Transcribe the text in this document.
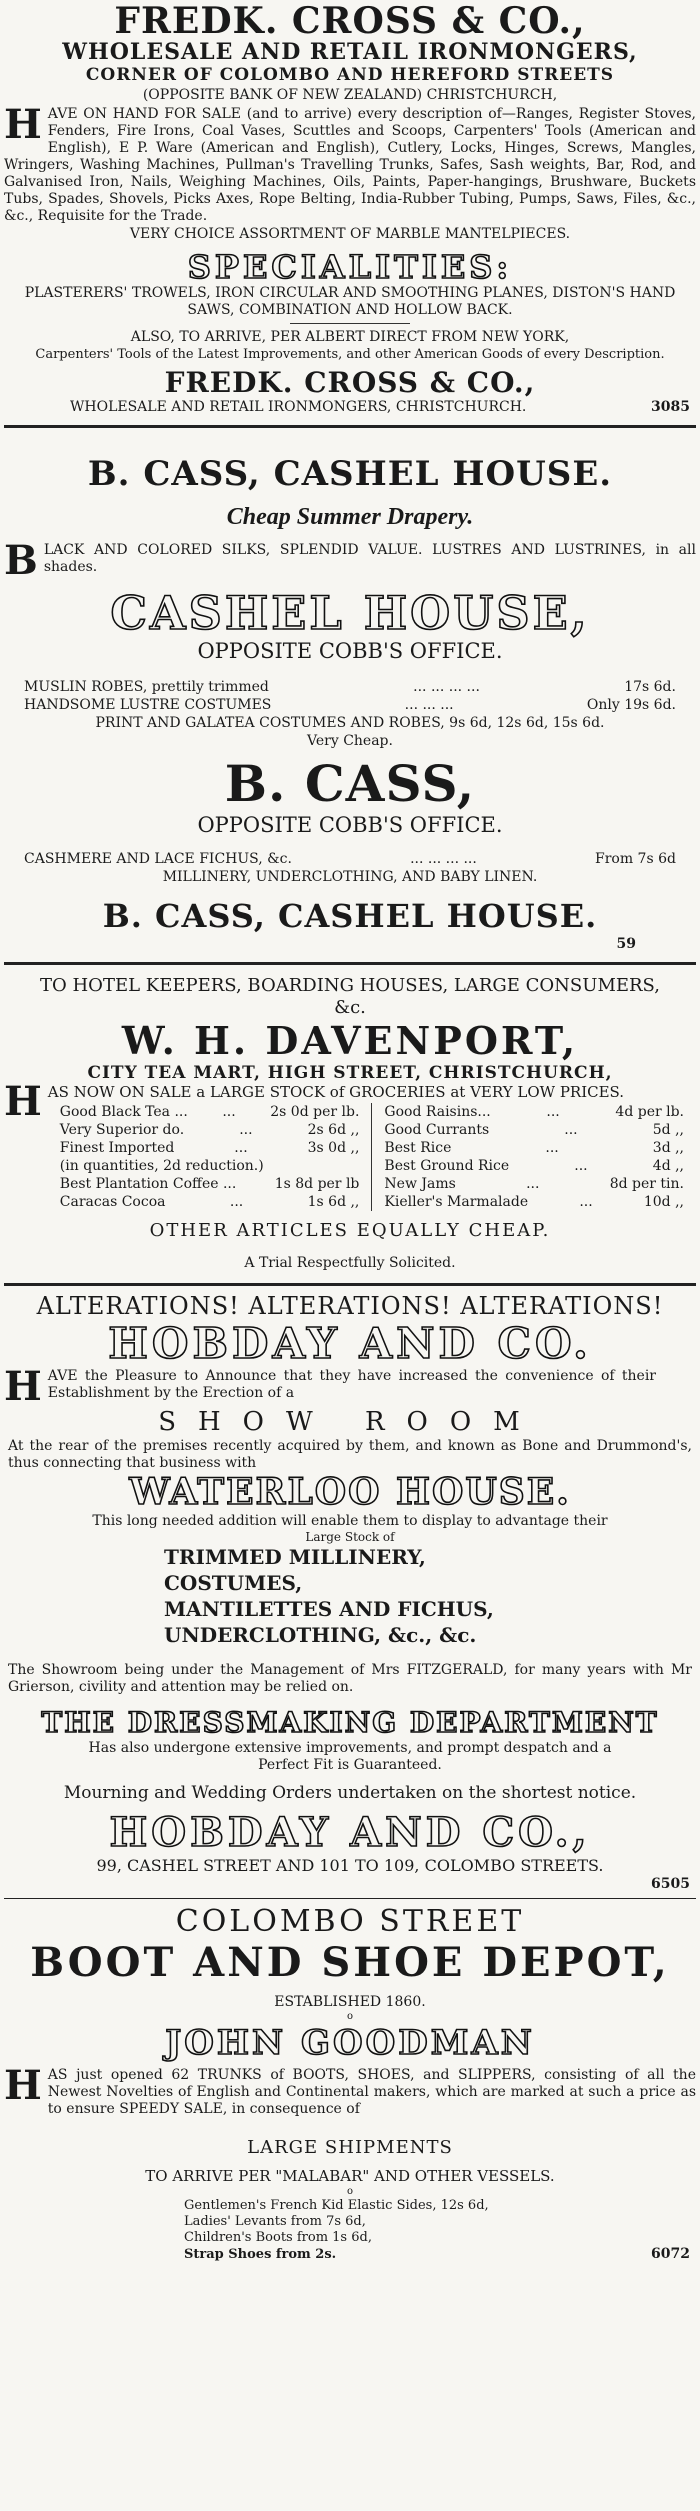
FREDK. CROSS & CO.,
WHOLESALE AND RETAIL IRONMONGERS,
CORNER OF COLOMBO AND HEREFORD STREETS
(OPPOSITE BANK OF NEW ZEALAND) CHRISTCHURCH,
HAVE ON HAND FOR SALE (and to arrive) every description of—Ranges, Register Stoves, Fenders, Fire Irons, Coal Vases, Scuttles and Scoops, Carpenters' Tools (American and English), E P. Ware (American and English), Cutlery, Locks, Hinges, Screws, Mangles, Wringers, Washing Machines, Pullman's Travelling Trunks, Safes, Sash weights, Bar, Rod, and Galvanised Iron, Nails, Weighing Machines, Oils, Paints, Paper-hangings, Brushware, Buckets Tubs, Spades, Shovels, Picks Axes, Rope Belting, India-Rubber Tubing, Pumps, Saws, Files, &c., &c., Requisite for the Trade.
VERY CHOICE ASSORTMENT OF MARBLE MANTELPIECES.
SPECIALITIES:
PLASTERERS' TROWELS, IRON CIRCULAR AND SMOOTHING PLANES, DISTON'S HAND SAWS, COMBINATION AND HOLLOW BACK.
ALSO, TO ARRIVE, PER ALBERT DIRECT FROM NEW YORK,
Carpenters' Tools of the Latest Improvements, and other American Goods of every Description.
FREDK. CROSS & CO.,
WHOLESALE AND RETAIL IRONMONGERS, CHRISTCHURCH.	3085
B. CASS, CASHEL HOUSE.
Cheap Summer Drapery.
BLACK AND COLORED SILKS, SPLENDID VALUE. LUSTRES AND LUSTRINES, in all shades.
CASHEL HOUSE,
OPPOSITE COBB'S OFFICE.
MUSLIN ROBES, prettily trimmed	... ... ... ...	17s 6d.
HANDSOME LUSTRE COSTUMES	... ... ...	Only 19s 6d.
PRINT AND GALATEA COSTUMES AND ROBES, 9s 6d, 12s 6d, 15s 6d.
Very Cheap.
B. CASS,
OPPOSITE COBB'S OFFICE.
CASHMERE AND LACE FICHUS, &c.	... ... ... ...	From 7s 6d
MILLINERY, UNDERCLOTHING, AND BABY LINEN.
B. CASS, CASHEL HOUSE.
59
TO HOTEL KEEPERS, BOARDING HOUSES, LARGE CONSUMERS, &c.
W. H. DAVENPORT,
CITY TEA MART, HIGH STREET, CHRISTCHURCH,
HAS NOW ON SALE a LARGE STOCK of GROCERIES at VERY LOW PRICES.
Good Black Tea ... ... 2s 0d per lb.
Very Superior do.	...	2s 6d ,,
Finest Imported	...	3s 0d ,,
(in quantities, 2d reduction.)
Best Plantation Coffee ...	1s 8d per lb
Caracas Cocoa	...	1s 6d ,,
Good Raisins...	...	4d per lb.
Good Currants	...	5d ,,
Best Rice	...	3d ,,
Best Ground Rice	...	4d ,,
New Jams	...	8d per tin.
Kieller's Marmalade	...	10d ,,
OTHER ARTICLES EQUALLY CHEAP.
A Trial Respectfully Solicited.
ALTERATIONS! ALTERATIONS! ALTERATIONS!
HOBDAY AND CO.
HAVE the Pleasure to Announce that they have increased the convenience of their Establishment by the Erection of a
SHOW ROOM
At the rear of the premises recently acquired by them, and known as Bone and Drummond's, thus connecting that business with
WATERLOO HOUSE.
This long needed addition will enable them to display to advantage their
Large Stock of
TRIMMED MILLINERY,
COSTUMES,
MANTILETTES AND FICHUS,
UNDERCLOTHING, &c., &c.
The Showroom being under the Management of Mrs FITZGERALD, for many years with Mr Grierson, civility and attention may be relied on.
THE DRESSMAKING DEPARTMENT
Has also undergone extensive improvements, and prompt despatch and a
Perfect Fit is Guaranteed.
Mourning and Wedding Orders undertaken on the shortest notice.
HOBDAY AND CO.,
99, CASHEL STREET AND 101 TO 109, COLOMBO STREETS.
6505
COLOMBO STREET
BOOT AND SHOE DEPOT,
ESTABLISHED 1860.
o
JOHN GOODMAN
HAS just opened 62 TRUNKS of BOOTS, SHOES, and SLIPPERS, consisting of all the Newest Novelties of English and Continental makers, which are marked at such a price as to ensure SPEEDY SALE, in consequence of
LARGE SHIPMENTS
TO ARRIVE PER "MALABAR" AND OTHER VESSELS.
o
Gentlemen's French Kid Elastic Sides, 12s 6d,
Ladies' Levants from 7s 6d,
Children's Boots from 1s 6d,
Strap Shoes from 2s.	6072
